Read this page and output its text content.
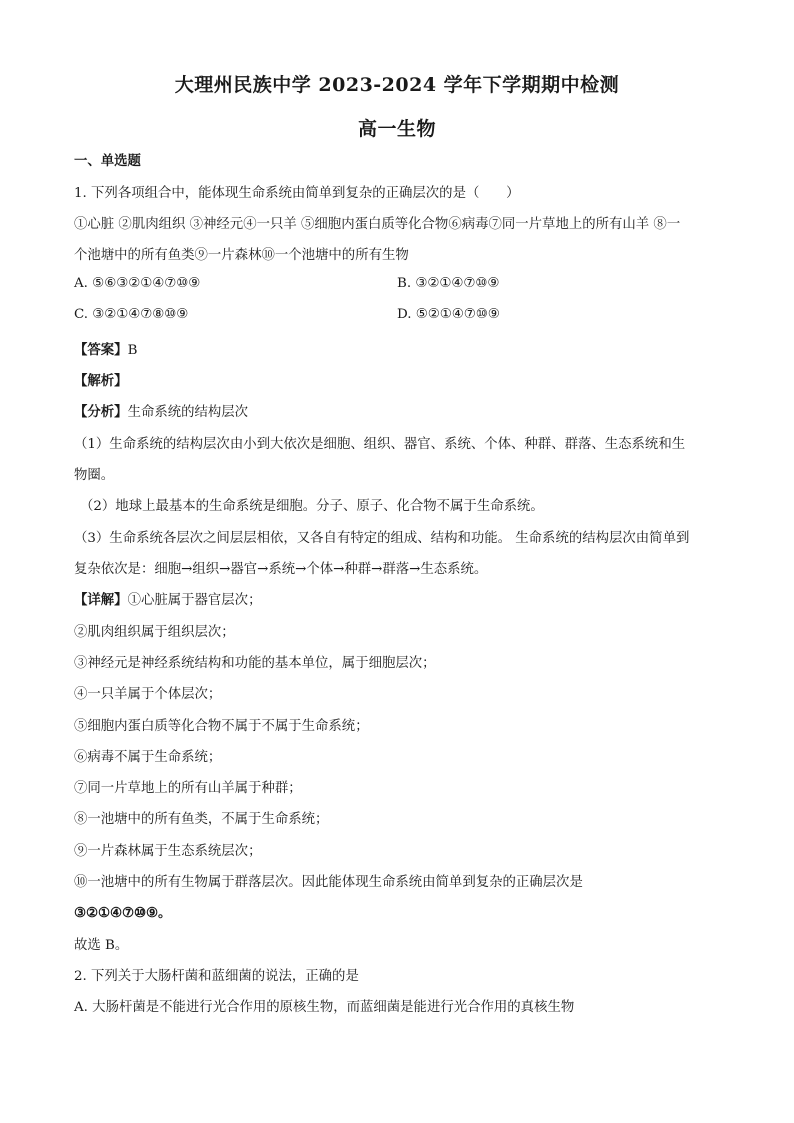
大理州民族中学 2023-2024 学年下学期期中检测
高一生物
一、单选题
1. 下列各项组合中，能体现生命系统由简单到复杂的正确层次的是（　　）
①心脏 ②肌肉组织 ③神经元④一只羊 ⑤细胞内蛋白质等化合物⑥病毒⑦同一片草地上的所有山羊 ⑧一
个池塘中的所有鱼类⑨一片森林⑩一个池塘中的所有生物
A. ⑤⑥③②①④⑦⑩⑨	B. ③②①④⑦⑩⑨
C. ③②①④⑦⑧⑩⑨	D. ⑤②①④⑦⑩⑨
【答案】B
【解析】
【分析】生命系统的结构层次
（1）生命系统的结构层次由小到大依次是细胞、组织、器官、系统、个体、种群、群落、生态系统和生
物圈。
（2）地球上最基本的生命系统是细胞。分子、原子、化合物不属于生命系统。
（3）生命系统各层次之间层层相依，又各自有特定的组成、结构和功能。 生命系统的结构层次由简单到
复杂依次是：细胞→组织→器官→系统→个体→种群→群落→生态系统。
【详解】①心脏属于器官层次；
②肌肉组织属于组织层次；
③神经元是神经系统结构和功能的基本单位，属于细胞层次；
④一只羊属于个体层次；
⑤细胞内蛋白质等化合物不属于不属于生命系统；
⑥病毒不属于生命系统；
⑦同一片草地上的所有山羊属于种群；
⑧一池塘中的所有鱼类，不属于生命系统；
⑨一片森林属于生态系统层次；
⑩一池塘中的所有生物属于群落层次。因此能体现生命系统由简单到复杂的正确层次是
③②①④⑦⑩⑨。
故选 B。
2. 下列关于大肠杆菌和蓝细菌的说法，正确的是
A. 大肠杆菌是不能进行光合作用的原核生物，而蓝细菌是能进行光合作用的真核生物
